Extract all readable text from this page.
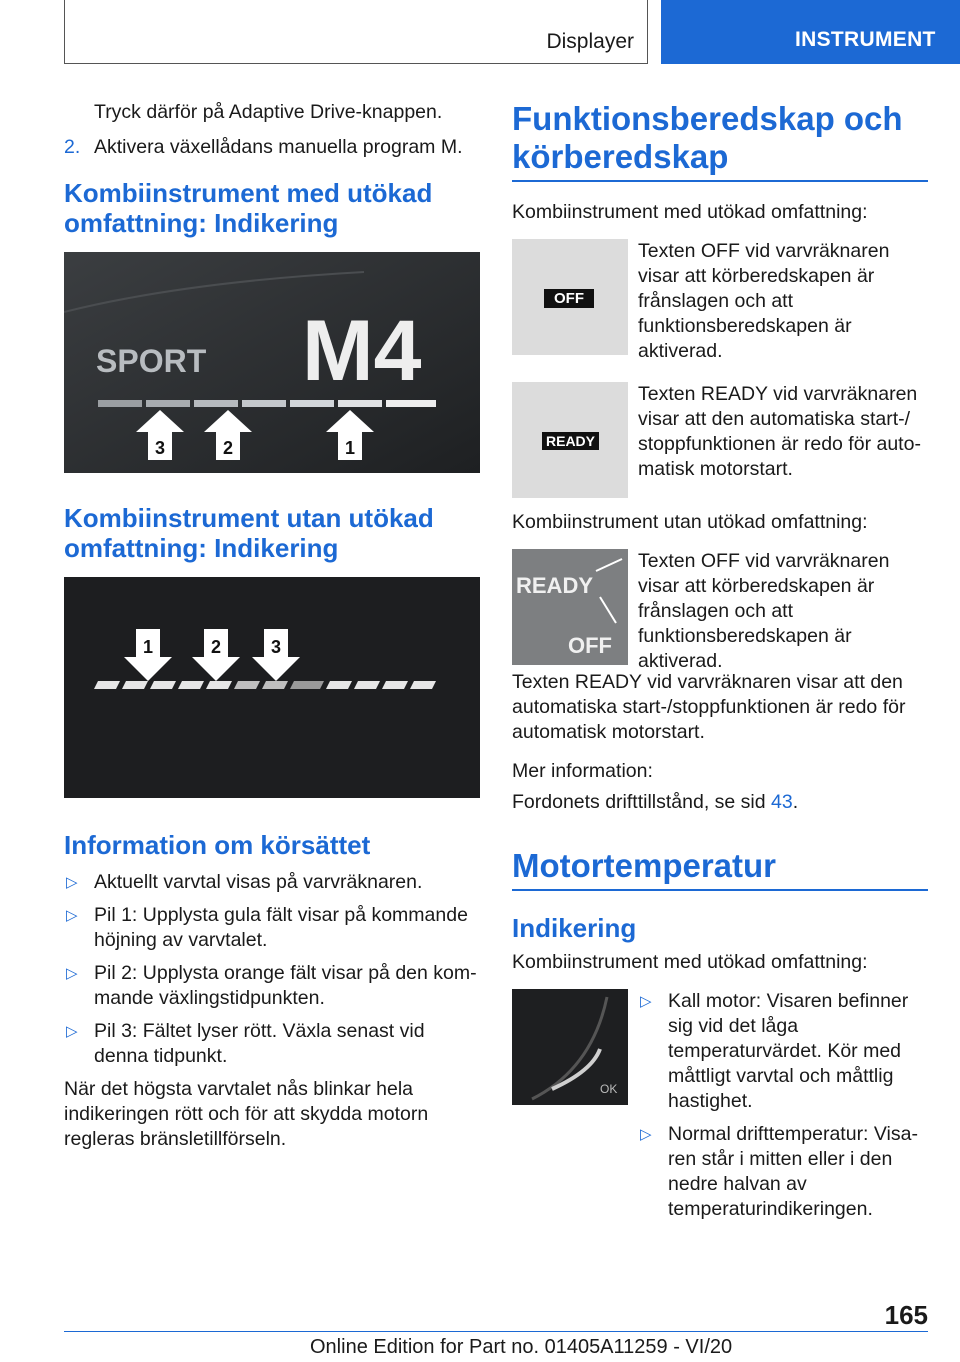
Displayer	INSTRUMENT

Tryck därför på Adaptive Drive-knappen.

2. Aktivera växellådans manuella program M.

Kombiinstrument med utökad omfattning: Indikering
SPORT M4
3	2	1
Kombiinstrument utan utökad omfattning: Indikering
1	2	3
Information om körsättet
▷ Aktuellt varvtal visas på varvräknaren.
▷ Pil 1: Upplysta gula fält visar på kommande höjning av varvtalet.
▷ Pil 2: Upplysta orange fält visar på den kommande växlingstidpunkten.
▷ Pil 3: Fältet lyser rött. Växla senast vid denna tidpunkt.

När det högsta varvtalet nås blinkar hela indikeringen rött och för att skydda motorn regleras bränsletillförseln.

Funktionsberedskap och körberedskap

Kombiinstrument med utökad omfattning:

OFF
Texten OFF vid varvräknaren visar att körberedskapen är frånslagen och att funktionsberedskapen är aktiverad.
READY
Texten READY vid varvräknaren visar att den automatiska start-/ stoppfunktionen är redo för automatisk motorstart.

Kombiinstrument utan utökad omfattning:

READY
OFF
Texten OFF vid varvräknaren visar att körberedskapen är frånslagen och att funktionsberedskapen är aktiverad.

Texten READY vid varvräknaren visar att den automatiska start-/stoppfunktionen är redo för automatisk motorstart.

Mer information:

Fordonets drifttillstånd, se sid 43.

Motortemperatur
Indikering

Kombiinstrument med utökad omfattning:

OK
▷ Kall motor: Visaren befinner sig vid det låga temperaturvärdet. Kör med måttligt varvtal och måttlig hastighet.
▷ Normal drifttemperatur: Visaren står i mitten eller i den nedre halvan av temperaturindikeringen.
165
Online Edition for Part no. 01405A11259 - VI/20
